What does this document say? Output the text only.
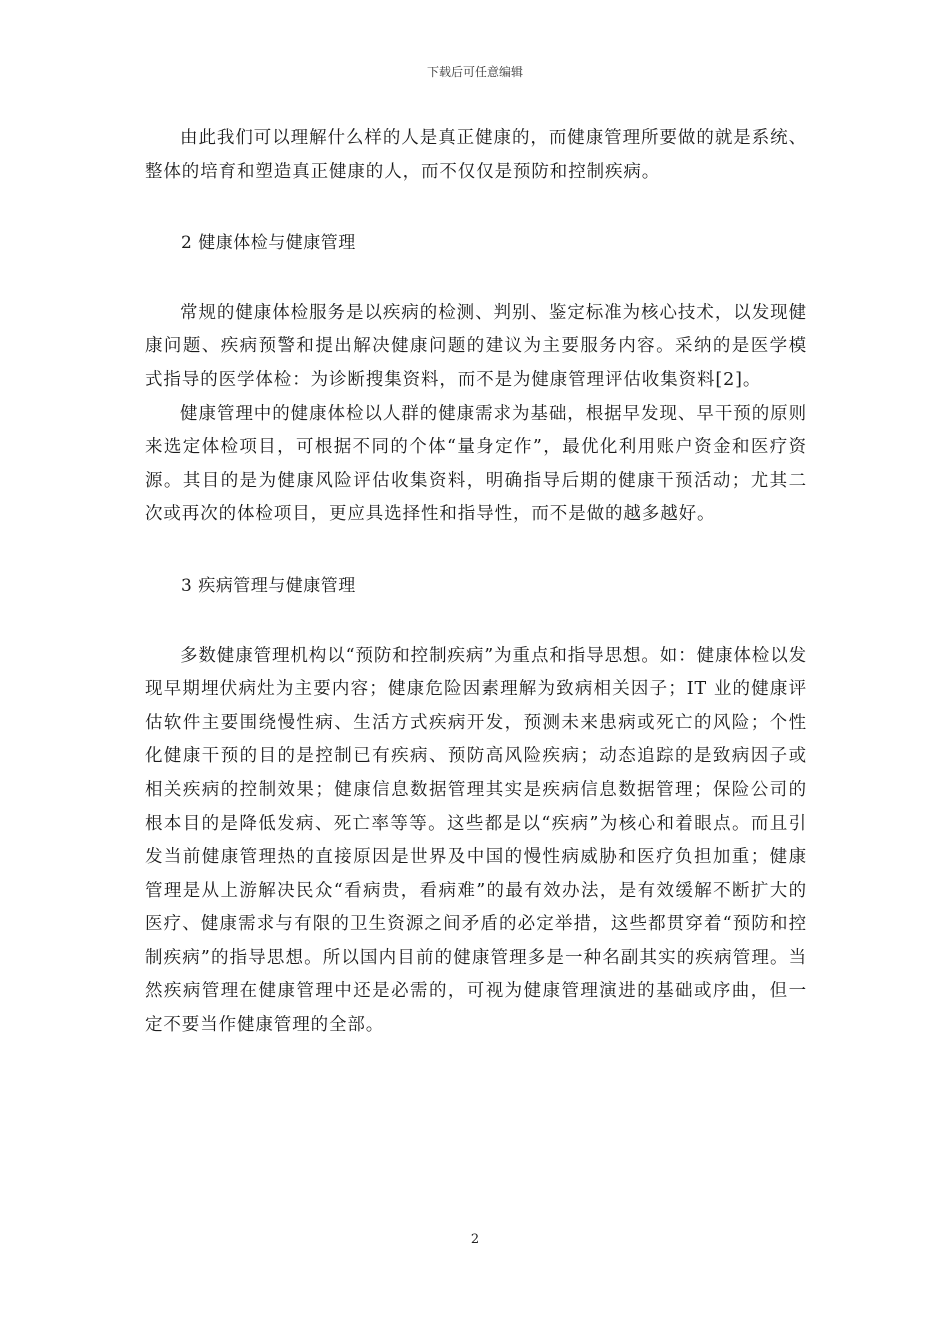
下载后可任意编辑

由此我们可以理解什么样的人是真正健康的，而健康管理所要做的就是系统、整体的培育和塑造真正健康的人，而不仅仅是预防和控制疾病。

2 健康体检与健康管理

常规的健康体检服务是以疾病的检测、判别、鉴定标准为核心技术，以发现健康问题、疾病预警和提出解决健康问题的建议为主要服务内容。采纳的是医学模式指导的医学体检：为诊断搜集资料，而不是为健康管理评估收集资料[2]。

健康管理中的健康体检以人群的健康需求为基础，根据早发现、早干预的原则来选定体检项目，可根据不同的个体“量身定作”，最优化利用账户资金和医疗资源。其目的是为健康风险评估收集资料，明确指导后期的健康干预活动；尤其二次或再次的体检项目，更应具选择性和指导性，而不是做的越多越好。

3 疾病管理与健康管理

多数健康管理机构以“预防和控制疾病”为重点和指导思想。如：健康体检以发现早期埋伏病灶为主要内容；健康危险因素理解为致病相关因子；IT 业的健康评估软件主要围绕慢性病、生活方式疾病开发，预测未来患病或死亡的风险；个性化健康干预的目的是控制已有疾病、预防高风险疾病；动态追踪的是致病因子或相关疾病的控制效果；健康信息数据管理其实是疾病信息数据管理；保险公司的根本目的是降低发病、死亡率等等。这些都是以“疾病”为核心和着眼点。而且引发当前健康管理热的直接原因是世界及中国的慢性病威胁和医疗负担加重；健康管理是从上游解决民众“看病贵，看病难”的最有效办法，是有效缓解不断扩大的医疗、健康需求与有限的卫生资源之间矛盾的必定举措，这些都贯穿着“预防和控制疾病”的指导思想。所以国内目前的健康管理多是一种名副其实的疾病管理。当然疾病管理在健康管理中还是必需的，可视为健康管理演进的基础或序曲，但一定不要当作健康管理的全部。

2
